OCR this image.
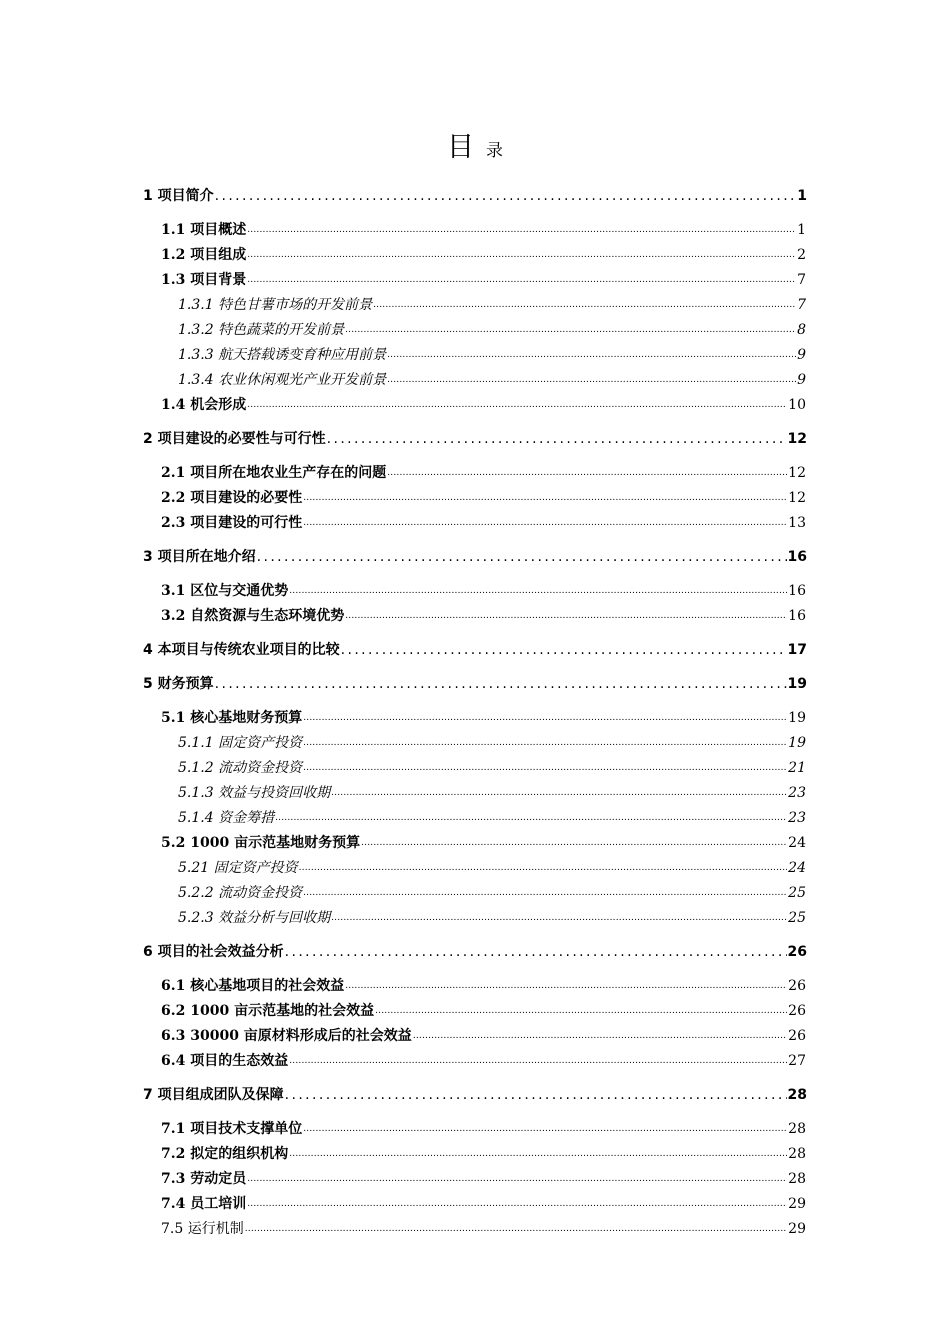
目录
1 项目简介 .....	1
1.1 项目概述 .....	1
1.2 项目组成 .....	2
1.3 项目背景 .....	7
1.3.1 特色甘薯市场的开发前景 .....	7
1.3.2 特色蔬菜的开发前景 .....	8
1.3.3 航天搭载诱变育种应用前景 .....	9
1.3.4 农业休闲观光产业开发前景 .....	9
1.4 机会形成 .....	10
2 项目建设的必要性与可行性 .....	12
2.1 项目所在地农业生产存在的问题 .....	12
2.2 项目建设的必要性 .....	12
2.3 项目建设的可行性 .....	13
3 项目所在地介绍 .....	16
3.1 区位与交通优势 .....	16
3.2 自然资源与生态环境优势 .....	16
4 本项目与传统农业项目的比较 .....	17
5 财务预算 .....	19
5.1 核心基地财务预算 .....	19
5.1.1 固定资产投资 .....	19
5.1.2 流动资金投资 .....	21
5.1.3 效益与投资回收期 .....	23
5.1.4 资金筹措 .....	23
5.2 1000 亩示范基地财务预算 .....	24
5.21 固定资产投资 .....	24
5.2.2 流动资金投资 .....	25
5.2.3 效益分析与回收期 .....	25
6 项目的社会效益分析 .....	26
6.1 核心基地项目的社会效益 .....	26
6.2 1000 亩示范基地的社会效益 .....	26
6.3 30000 亩原材料形成后的社会效益 .....	26
6.4 项目的生态效益 .....	27
7 项目组成团队及保障 .....	28
7.1 项目技术支撑单位 .....	28
7.2 拟定的组织机构 .....	28
7.3 劳动定员 .....	28
7.4 员工培训 .....	29
7.5 运行机制 .....	29
